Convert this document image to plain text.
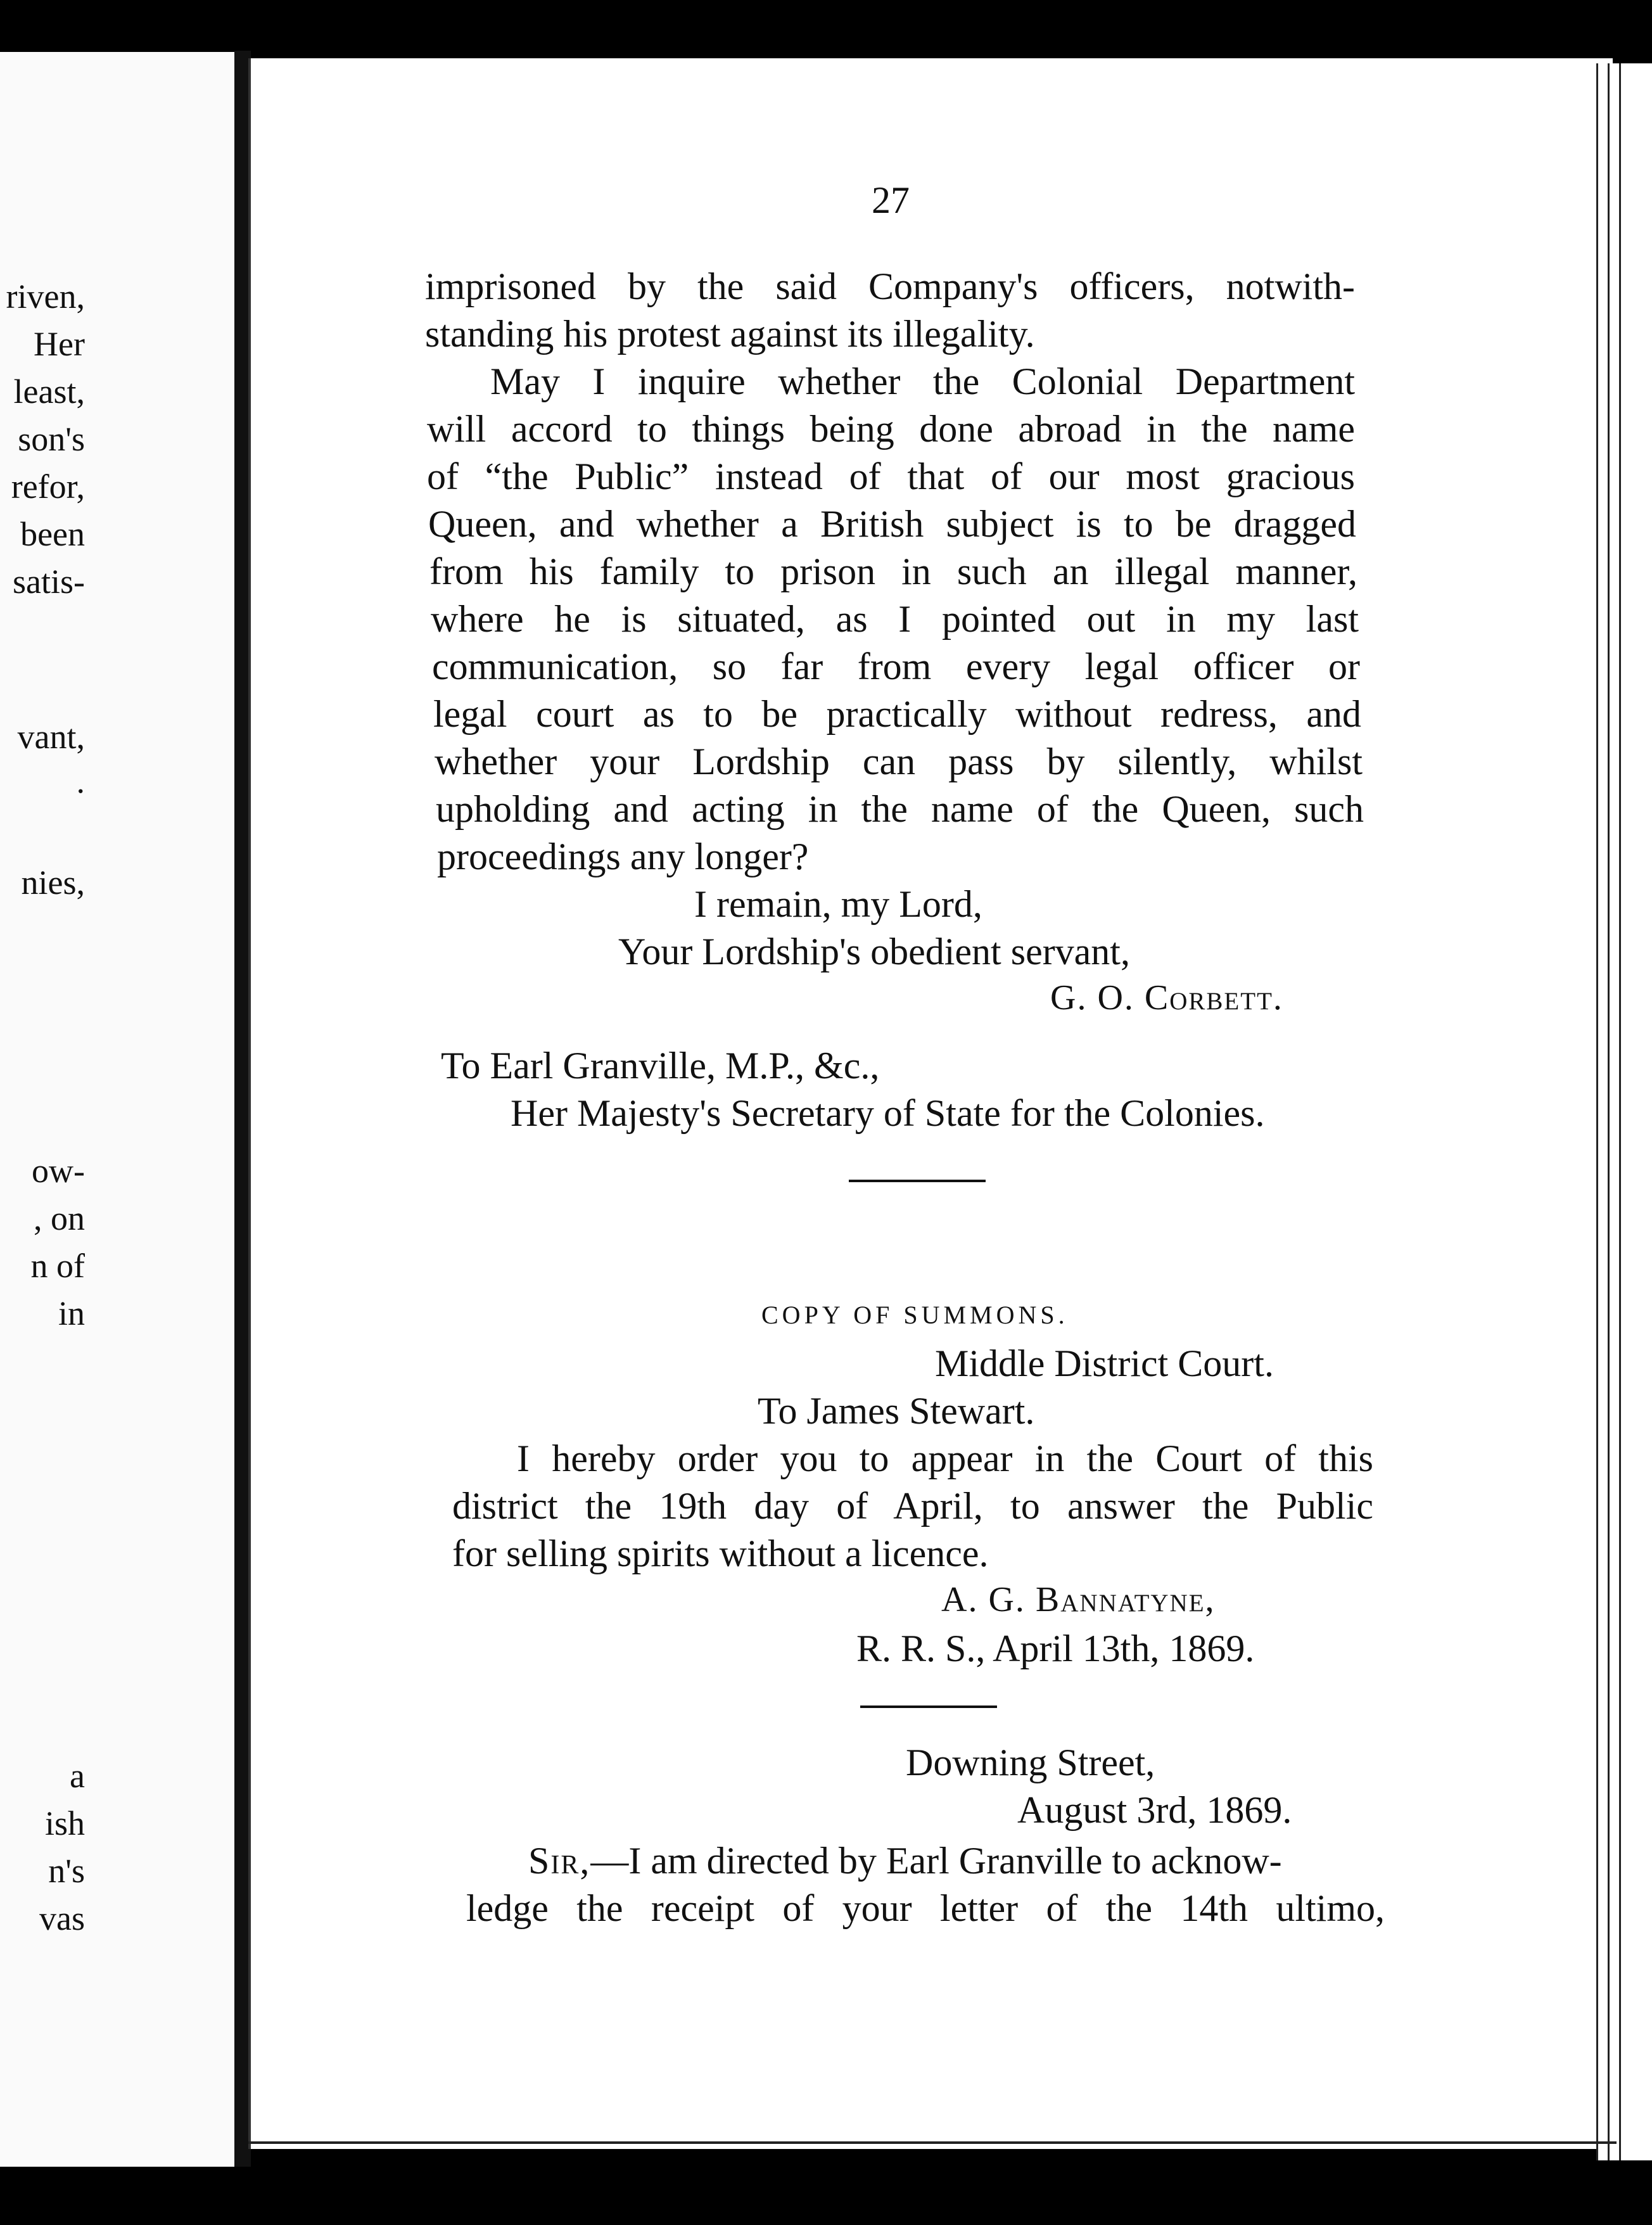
riven,
Her
least,
son's
refor,
been
satis-
vant,
.
nies,
ow-
, on
n of
in
a
ish
n's
vas
27
imprisoned by the said Company's officers, notwith-
standing his protest against its illegality.
May I inquire whether the Colonial Department
will accord to things being done abroad in the name
of “the Public” instead of that of our most gracious
Queen, and whether a British subject is to be dragged
from his family to prison in such an illegal manner,
where he is situated, as I pointed out in my last
communication, so far from every legal officer or
legal court as to be practically without redress, and
whether your Lordship can pass by silently, whilst
upholding and acting in the name of the Queen, such
proceedings any longer?
I remain, my Lord,
Your Lordship's obedient servant,
G. O. Corbett.
To Earl Granville, M.P., &c.,
Her Majesty's Secretary of State for the Colonies.
COPY OF SUMMONS.
Middle District Court.
To James Stewart.
I hereby order you to appear in the Court of this
district the 19th day of April, to answer the Public
for selling spirits without a licence.
A. G. Bannatyne,
R. R. S., April 13th, 1869.
Downing Street,
August 3rd, 1869.
Sir,—I am directed by Earl Granville to acknow-
ledge the receipt of your letter of the 14th ultimo,
